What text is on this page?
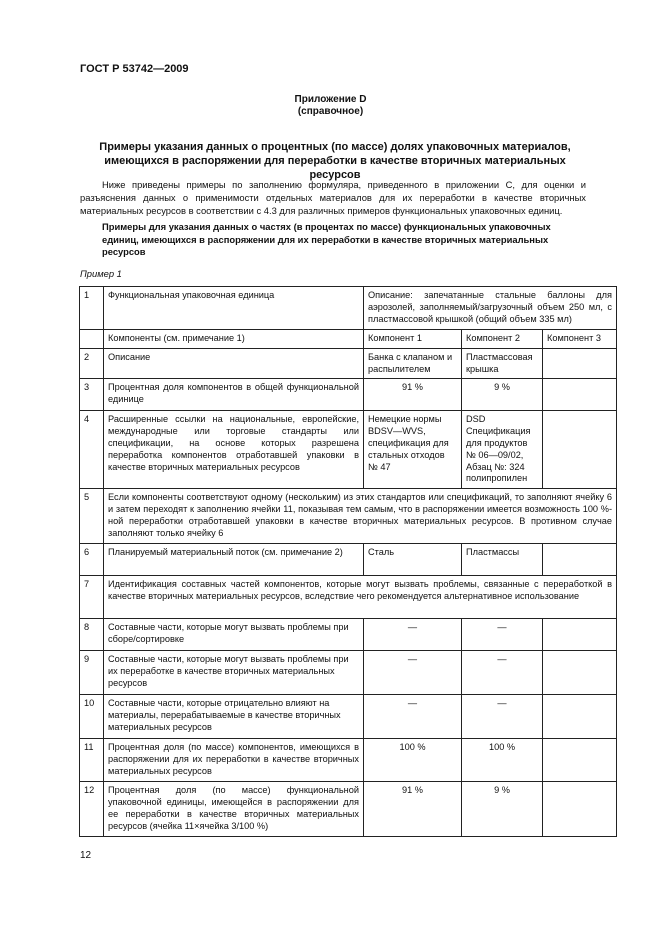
ГОСТ Р 53742—2009
Приложение D
(справочное)
Примеры указания данных о процентных (по массе) долях упаковочных материалов,
имеющихся в распоряжении для переработки в качестве вторичных материальных ресурсов
Ниже приведены примеры по заполнению формуляра, приведенного в приложении C, для оценки и разъяснения данных о применимости отдельных материалов для их переработки в качестве вторичных материальных ресурсов в соответствии с 4.3 для различных примеров функциональных упаковочных единиц.
Примеры для указания данных о частях (в процентах по массе) функциональных упаковочных единиц, имеющихся в распоряжении для их переработки в качестве вторичных материальных ресурсов
Пример 1
1	Функциональная упаковочная единица	Описание: запечатанные стальные баллоны для аэрозолей, заполняемый/загрузочный объем 250 мл, с пластмассовой крышкой (общий объем 335 мл)		
	Компоненты (см. примечание 1)	Компонент 1	Компонент 2	Компонент 3
2	Описание	Банка с клапаном и распылителем	Пластмассовая крышка	
3	Процентная доля компонентов в общей функциональной единице	91 %	9 %	
4	Расширенные ссылки на национальные, европейские, международные или торговые стандарты или спецификации, на основе которых разрешена переработка компонентов отработавшей упаковки в качестве вторичных материальных ресурсов	Немецкие нормы BDSV—WVS, спецификация для стальных отходов № 47	DSD Спецификация для продуктов № 06—09/02, Абзац №: 324 полипропилен	
5	Если компоненты соответствуют одному (нескольким) из этих стандартов или спецификаций, то заполняют ячейку 6 и затем переходят к заполнению ячейки 11, показывая тем самым, что в распоряжении имеется возможность 100 %-ной переработки отработавшей упаковки в качестве вторичных материальных ресурсов. В противном случае заполняют только ячейку 6			
6	Планируемый материальный поток (см. примечание 2)	Сталь	Пластмассы	
7	Идентификация составных частей компонентов, которые могут вызвать проблемы, связанные с переработкой в качестве вторичных материальных ресурсов, вследствие чего рекомендуется альтернативное использование			
8	Составные части, которые могут вызвать проблемы при сборе/сортировке	—	—	
9	Составные части, которые могут вызвать проблемы при их переработке в качестве вторичных материальных ресурсов	—	—	
10	Составные части, которые отрицательно влияют на материалы, перерабатываемые в качестве вторичных материальных ресурсов	—	—	
11	Процентная доля (по массе) компонентов, имеющихся в распоряжении для их переработки в качестве вторичных материальных ресурсов	100 %	100 %	
12	Процентная доля (по массе) функциональной упаковочной единицы, имеющейся в распоряжении для ее переработки в качестве вторичных материальных ресурсов (ячейка 11×ячейка 3/100 %)	91 %	9 %	
12
